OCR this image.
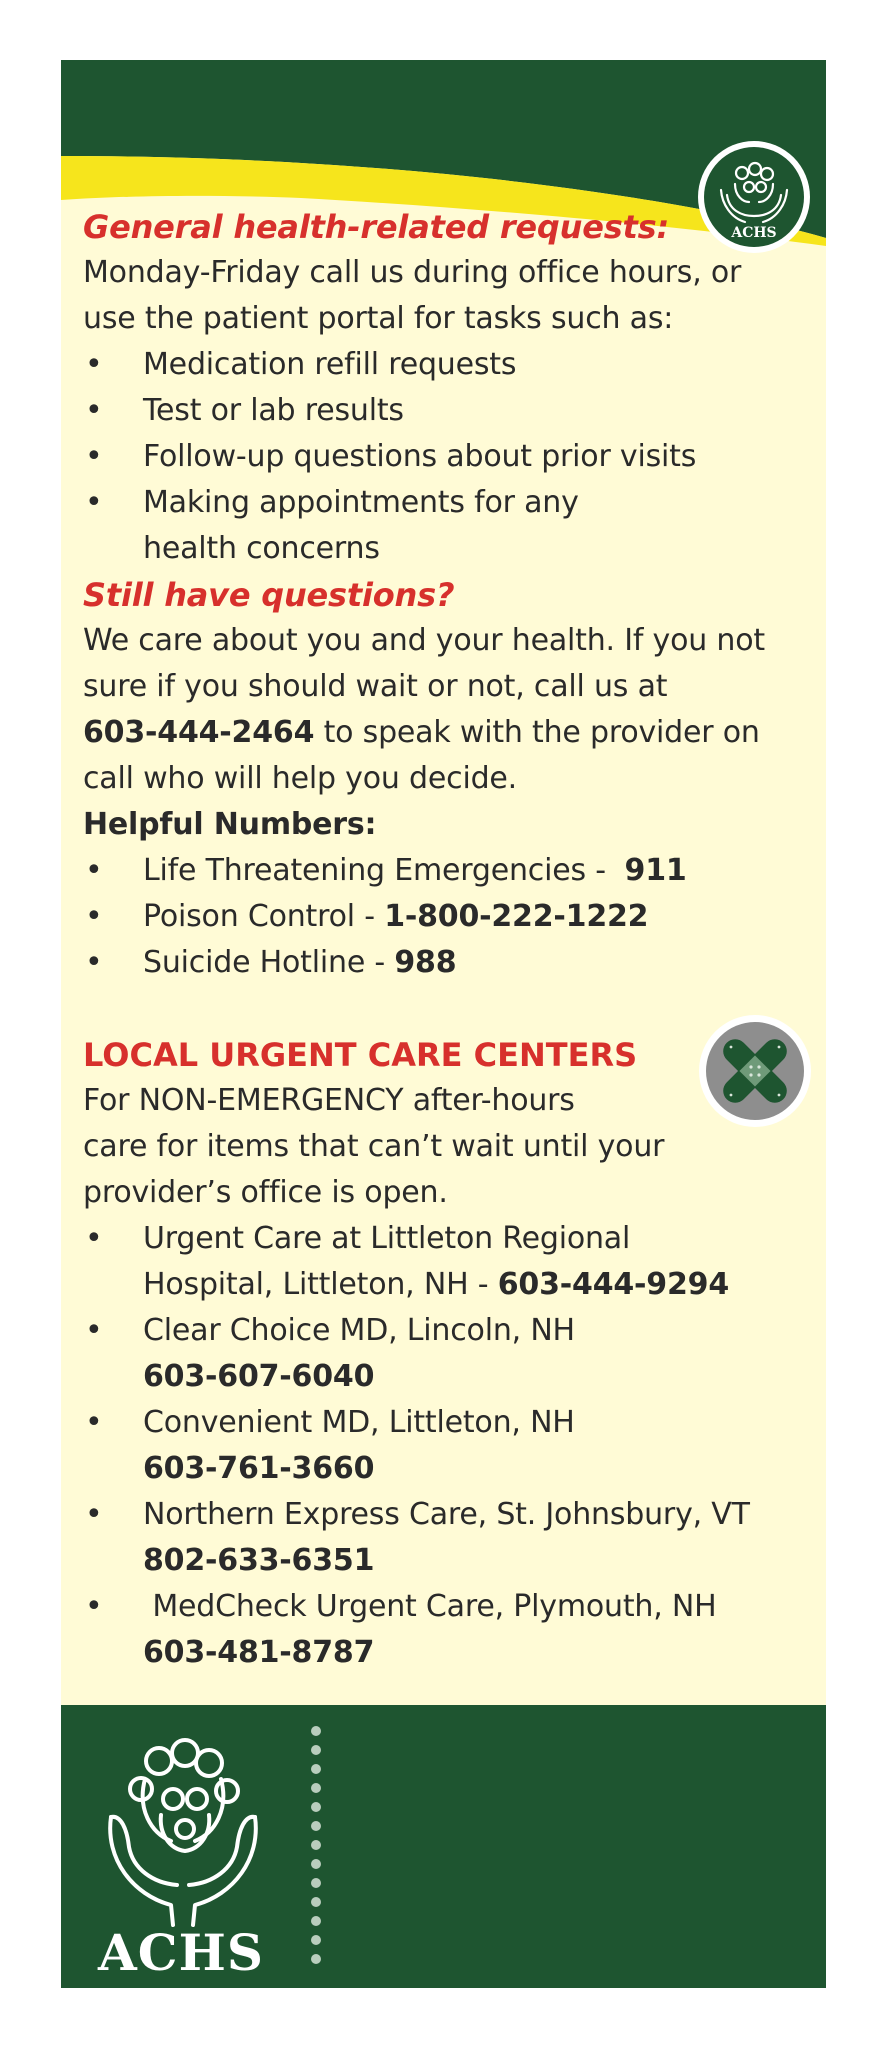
ACHS
General health-related requests:
Monday-Friday call us during office hours, or
use the patient portal for tasks such as:
• Medication refill requests
• Test or lab results
• Follow-up questions about prior visits
• Making appointments for any
health concerns
Still have questions?
We care about you and your health. If you not
sure if you should wait or not, call us at
603-444-2464 to speak with the provider on
call who will help you decide.
Helpful Numbers:
• Life Threatening Emergencies -  911
• Poison Control - 1-800-222-1222
• Suicide Hotline - 988
LOCAL URGENT CARE CENTERS
For NON-EMERGENCY after-hours
care for items that can’t wait until your
provider’s office is open.
• Urgent Care at Littleton Regional
Hospital, Littleton, NH - 603-444-9294
• Clear Choice MD, Lincoln, NH
603-607-6040
• Convenient MD, Littleton, NH
603-761-3660
• Northern Express Care, St. Johnsbury, VT
802-633-6351
•  MedCheck Urgent Care, Plymouth, NH
603-481-8787
ACHS
